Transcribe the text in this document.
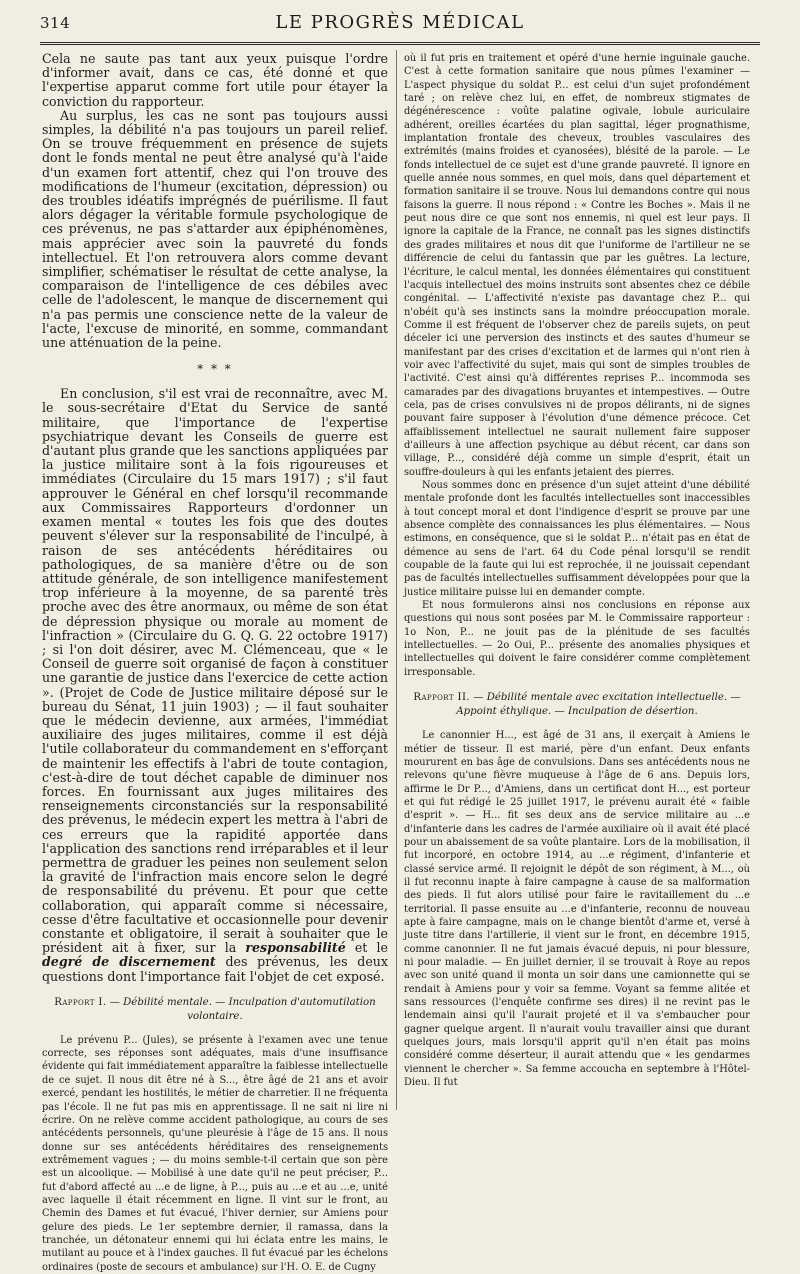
314	LE PROGRÈS MÉDICAL

Cela ne saute pas tant aux yeux puisque l'ordre d'informer avait, dans ce cas, été donné et que l'expertise apparut comme fort utile pour étayer la conviction du rapporteur.

Au surplus, les cas ne sont pas toujours aussi simples, la débilité n'a pas toujours un pareil relief. On se trouve fréquemment en présence de sujets dont le fonds mental ne peut être analysé qu'à l'aide d'un examen fort attentif, chez qui l'on trouve des modifications de l'humeur (excitation, dépression) ou des troubles idéatifs imprégnés de puérilisme. Il faut alors dégager la véritable formule psychologique de ces prévenus, ne pas s'attarder aux épiphénomènes, mais apprécier avec soin la pauvreté du fonds intellectuel. Et l'on retrouvera alors comme devant simplifier, schématiser le résultat de cette analyse, la comparaison de l'intelligence de ces débiles avec celle de l'adolescent, le manque de discernement qui n'a pas permis une conscience nette de la valeur de l'acte, l'excuse de minorité, en somme, commandant une atténuation de la peine.

* * *

En conclusion, s'il est vrai de reconnaître, avec M. le sous-secrétaire d'Etat du Service de santé militaire, que l'importance de l'expertise psychiatrique devant les Conseils de guerre est d'autant plus grande que les sanctions appliquées par la justice militaire sont à la fois rigoureuses et immédiates (Circulaire du 15 mars 1917) ; s'il faut approuver le Général en chef lorsqu'il recommande aux Commissaires Rapporteurs d'ordonner un examen mental « toutes les fois que des doutes peuvent s'élever sur la responsabilité de l'inculpé, à raison de ses antécédents héréditaires ou pathologiques, de sa manière d'être ou de son attitude générale, de son intelligence manifestement trop inférieure à la moyenne, de sa parenté très proche avec des être anormaux, ou même de son état de dépression physique ou morale au moment de l'infraction » (Circulaire du G. Q. G. 22 octobre 1917) ; si l'on doit désirer, avec M. Clémenceau, que « le Conseil de guerre soit organisé de façon à constituer une garantie de justice dans l'exercice de cette action ». (Projet de Code de Justice militaire déposé sur le bureau du Sénat, 11 juin 1903) ; — il faut souhaiter que le médecin devienne, aux armées, l'immédiat auxiliaire des juges militaires, comme il est déjà l'utile collaborateur du commandement en s'efforçant de maintenir les effectifs à l'abri de toute contagion, c'est-à-dire de tout déchet capable de diminuer nos forces. En fournissant aux juges militaires des renseignements circonstanciés sur la responsabilité des prévenus, le médecin expert les mettra à l'abri de ces erreurs que la rapidité apportée dans l'application des sanctions rend irréparables et il leur permettra de graduer les peines non seulement selon la gravité de l'infraction mais encore selon le degré de responsabilité du prévenu. Et pour que cette collaboration, qui apparaît comme si nécessaire, cesse d'être facultative et occasionnelle pour devenir constante et obligatoire, il serait à souhaiter que le président ait à fixer, sur la responsabilité et le degré de discernement des prévenus, les deux questions dont l'importance fait l'objet de cet exposé.

Rapport I. — Débilité mentale. — Inculpation d'automutilation volontaire.

Le prévenu P... (Jules), se présente à l'examen avec une tenue correcte, ses réponses sont adéquates, mais d'une insuffisance évidente qui fait immédiatement apparaître la faiblesse intellectuelle de ce sujet. Il nous dit être né à S..., être âgé de 21 ans et avoir exercé, pendant les hostilités, le métier de charretier. Il ne fréquenta pas l'école. Il ne fut pas mis en apprentissage. Il ne sait ni lire ni écrire. On ne relève comme accident pathologique, au cours de ses antécédents personnels, qu'une pleurésie à l'âge de 15 ans. Il nous donne sur ses antécédents héréditaires des renseignements extrêmement vagues ; — du moins semble-t-il certain que son père est un alcoolique. — Mobilisé à une date qu'il ne peut préciser, P... fut d'abord affecté au ...e de ligne, à P..., puis au ...e et au ...e, unité avec laquelle il était récemment en ligne. Il vint sur le front, au Chemin des Dames et fut évacué, l'hiver dernier, sur Amiens pour gelure des pieds. Le 1er septembre dernier, il ramassa, dans la tranchée, un détonateur ennemi qui lui éclata entre les mains, le mutilant au pouce et à l'index gauches. Il fut évacué par les échelons ordinaires (poste de secours et ambulance) sur l'H. O. E. de Cugny

où il fut pris en traitement et opéré d'une hernie inguinale gauche. C'est à cette formation sanitaire que nous pûmes l'examiner — L'aspect physique du soldat P... est celui d'un sujet profondément taré ; on relève chez lui, en effet, de nombreux stigmates de dégénérescence : voûte palatine ogivale, lobule auriculaire adhérent, oreilles écartées du plan sagittal, léger prognathisme, implantation frontale des cheveux, troubles vasculaires des extrémités (mains froides et cyanosées), blésité de la parole. — Le fonds intellectuel de ce sujet est d'une grande pauvreté. Il ignore en quelle année nous sommes, en quel mois, dans quel département et formation sanitaire il se trouve. Nous lui demandons contre qui nous faisons la guerre. Il nous répond : « Contre les Boches ». Mais il ne peut nous dire ce que sont nos ennemis, ni quel est leur pays. Il ignore la capitale de la France, ne connaît pas les signes distinctifs des grades militaires et nous dit que l'uniforme de l'artilleur ne se différencie de celui du fantassin que par les guêtres. La lecture, l'écriture, le calcul mental, les données élémentaires qui constituent l'acquis intellectuel des moins instruits sont absentes chez ce débile congénital. — L'affectivité n'existe pas davantage chez P... qui n'obéit qu'à ses instincts sans la moindre préoccupation morale. Comme il est fréquent de l'observer chez de pareils sujets, on peut déceler ici une perversion des instincts et des sautes d'humeur se manifestant par des crises d'excitation et de larmes qui n'ont rien à voir avec l'affectivité du sujet, mais qui sont de simples troubles de l'activité. C'est ainsi qu'à différentes reprises P... incommoda ses camarades par des divagations bruyantes et intempestives. — Outre cela, pas de crises convulsives ni de propos délirants, ni de signes pouvant faire supposer à l'évolution d'une démence précoce. Cet affaiblissement intellectuel ne saurait nullement faire supposer d'ailleurs à une affection psychique au début récent, car dans son village, P..., considéré déjà comme un simple d'esprit, était un souffre-douleurs à qui les enfants jetaient des pierres.

Nous sommes donc en présence d'un sujet atteint d'une débilité mentale profonde dont les facultés intellectuelles sont inaccessibles à tout concept moral et dont l'indigence d'esprit se prouve par une absence complète des connaissances les plus élémentaires. — Nous estimons, en conséquence, que si le soldat P... n'était pas en état de démence au sens de l'art. 64 du Code pénal lorsqu'il se rendit coupable de la faute qui lui est reprochée, il ne jouissait cependant pas de facultés intellectuelles suffisamment développées pour que la justice militaire puisse lui en demander compte.

Et nous formulerons ainsi nos conclusions en réponse aux questions qui nous sont posées par M. le Commissaire rapporteur : 1o Non, P... ne jouit pas de la plénitude de ses facultés intellectuelles. — 2o Oui, P... présente des anomalies physiques et intellectuelles qui doivent le faire considérer comme complètement irresponsable.

Rapport II. — Débilité mentale avec excitation intellectuelle. — Appoint éthylique. — Inculpation de désertion.

Le canonnier H..., est âgé de 31 ans, il exerçait à Amiens le métier de tisseur. Il est marié, père d'un enfant. Deux enfants moururent en bas âge de convulsions. Dans ses antécédents nous ne relevons qu'une fièvre muqueuse à l'âge de 6 ans. Depuis lors, affirme le Dr P..., d'Amiens, dans un certificat dont H..., est porteur et qui fut rédigé le 25 juillet 1917, le prévenu aurait été « faible d'esprit ». — H... fit ses deux ans de service militaire au ...e d'infanterie dans les cadres de l'armée auxiliaire où il avait été placé pour un abaissement de sa voûte plantaire. Lors de la mobilisation, il fut incorporé, en octobre 1914, au ...e régiment, d'infanterie et classé service armé. Il rejoignit le dépôt de son régiment, à M..., où il fut reconnu inapte à faire campagne à cause de sa malformation des pieds. Il fut alors utilisé pour faire le ravitaillement du ...e territorial. Il passe ensuite au ...e d'infanterie, reconnu de nouveau apte à faire campagne, mais on le change bientôt d'arme et, versé à juste titre dans l'artillerie, il vient sur le front, en décembre 1915, comme canonnier. Il ne fut jamais évacué depuis, ni pour blessure, ni pour maladie. — En juillet dernier, il se trouvait à Roye au repos avec son unité quand il monta un soir dans une camionnette qui se rendait à Amiens pour y voir sa femme. Voyant sa femme alitée et sans ressources (l'enquête confirme ses dires) il ne revint pas le lendemain ainsi qu'il l'aurait projeté et il va s'embaucher pour gagner quelque argent. Il n'aurait voulu travailler ainsi que durant quelques jours, mais lorsqu'il apprit qu'il n'en était pas moins considéré comme déserteur, il aurait attendu que « les gendarmes viennent le chercher ». Sa femme accoucha en septembre à l'Hôtel-Dieu. Il fut
